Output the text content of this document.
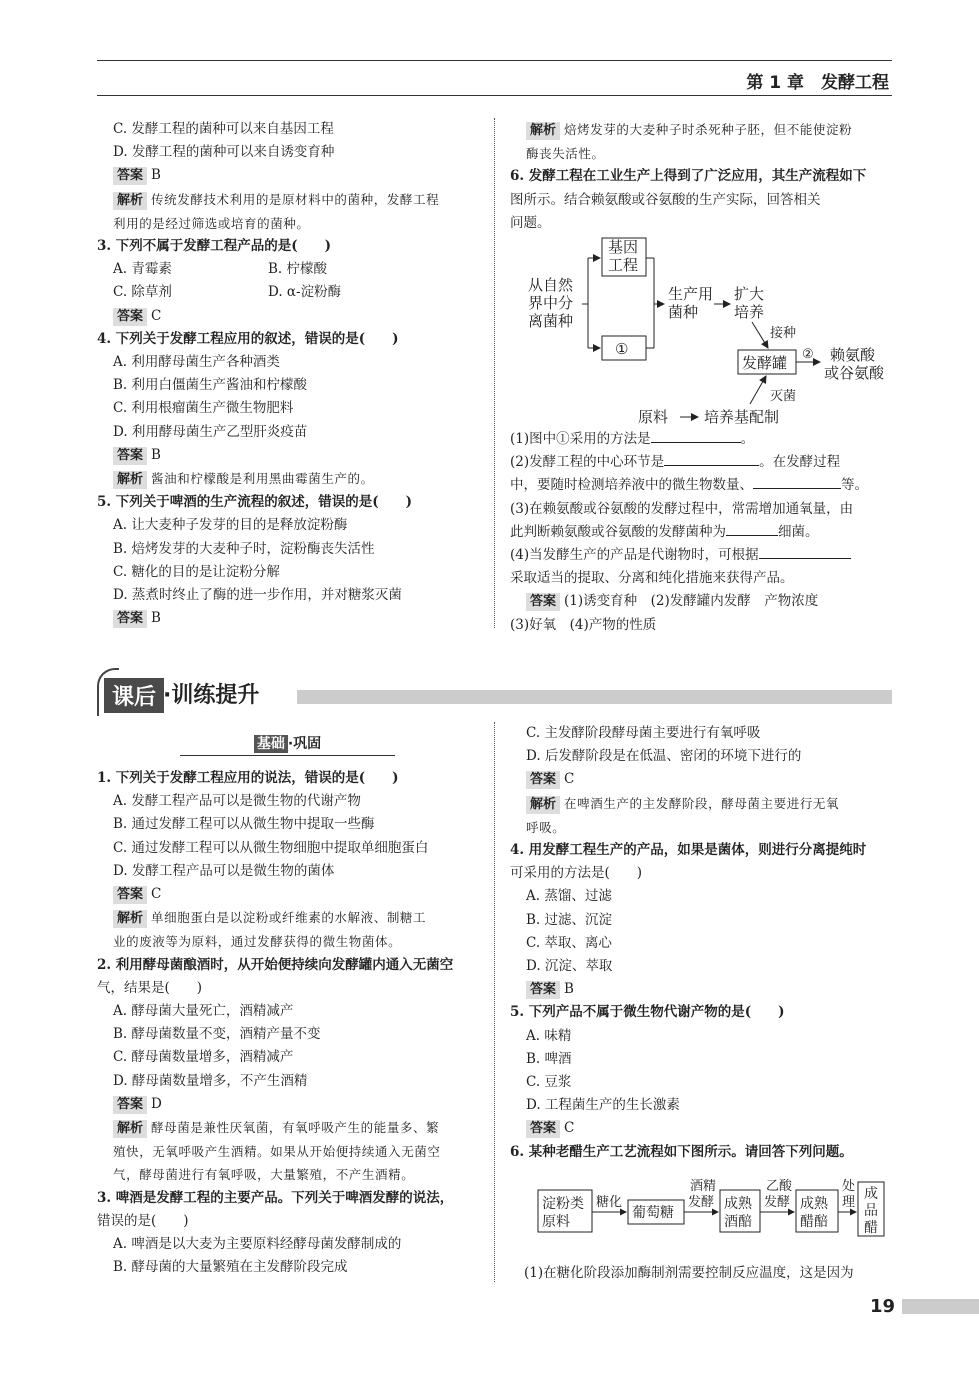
第 1 章　发酵工程
C. 发酵工程的菌种可以来自基因工程
D. 发酵工程的菌种可以来自诱变育种
答案 B
解析 传统发酵技术利用的是原材料中的菌种，发酵工程
利用的是经过筛选或培育的菌种。
3. 下列不属于发酵工程产品的是(　　)
A. 青霉素	B. 柠檬酸
C. 除草剂	D. α-淀粉酶
答案 C
4. 下列关于发酵工程应用的叙述，错误的是(　　)
A. 利用酵母菌生产各种酒类
B. 利用白僵菌生产酱油和柠檬酸
C. 利用根瘤菌生产微生物肥料
D. 利用酵母菌生产乙型肝炎疫苗
答案 B
解析 酱油和柠檬酸是利用黑曲霉菌生产的。
5. 下列关于啤酒的生产流程的叙述，错误的是(　　)
A. 让大麦种子发芽的目的是释放淀粉酶
B. 焙烤发芽的大麦种子时，淀粉酶丧失活性
C. 糖化的目的是让淀粉分解
D. 蒸煮时终止了酶的进一步作用，并对糖浆灭菌
答案 B
解析 焙烤发芽的大麦种子时杀死种子胚，但不能使淀粉
酶丧失活性。
6. 发酵工程在工业生产上得到了广泛应用，其生产流程如下
图所示。结合赖氨酸或谷氨酸的生产实际，回答相关
问题。
从自然
界中分
离菌种
基因
工程
①
生产用
菌种
扩大
培养
接种
发酵罐 ② 赖氨酸
或谷氨酸
灭菌
原料 培养基配制
(1)图中①采用的方法是	。
(2)发酵工程的中心环节是	。在发酵过程
中，要随时检测培养液中的微生物数量、	等。
(3)在赖氨酸或谷氨酸的发酵过程中，常需增加通氧量，由
此判断赖氨酸或谷氨酸的发酵菌种为	细菌。
(4)当发酵生产的产品是代谢物时，可根据
采取适当的提取、分离和纯化措施来获得产品。
答案 (1)诱变育种　(2)发酵罐内发酵　产物浓度
(3)好氧　(4)产物的性质
课后 ·训练提升
基础 ·巩固
1. 下列关于发酵工程应用的说法，错误的是(　　)
A. 发酵工程产品可以是微生物的代谢产物
B. 通过发酵工程可以从微生物中提取一些酶
C. 通过发酵工程可以从微生物细胞中提取单细胞蛋白
D. 发酵工程产品可以是微生物的菌体
答案 C
解析 单细胞蛋白是以淀粉或纤维素的水解液、制糖工
业的废液等为原料，通过发酵获得的微生物菌体。
2. 利用酵母菌酿酒时，从开始便持续向发酵罐内通入无菌空
气，结果是(　　)
A. 酵母菌大量死亡，酒精减产
B. 酵母菌数量不变，酒精产量不变
C. 酵母菌数量增多，酒精减产
D. 酵母菌数量增多，不产生酒精
答案 D
解析 酵母菌是兼性厌氧菌，有氧呼吸产生的能量多、繁
殖快，无氧呼吸产生酒精。如果从开始便持续通入无菌空
气，酵母菌进行有氧呼吸，大量繁殖，不产生酒精。
3. 啤酒是发酵工程的主要产品。下列关于啤酒发酵的说法，
错误的是(　　)
A. 啤酒是以大麦为主要原料经酵母菌发酵制成的
B. 酵母菌的大量繁殖在主发酵阶段完成
C. 主发酵阶段酵母菌主要进行有氧呼吸
D. 后发酵阶段是在低温、密闭的环境下进行的
答案 C
解析 在啤酒生产的主发酵阶段，酵母菌主要进行无氧
呼吸。
4. 用发酵工程生产的产品，如果是菌体，则进行分离提纯时
可采用的方法是(　　)
A. 蒸馏、过滤
B. 过滤、沉淀
C. 萃取、离心
D. 沉淀、萃取
答案 B
5. 下列产品不属于微生物代谢产物的是(　　)
A. 味精
B. 啤酒
C. 豆浆
D. 工程菌生产的生长激素
答案 C
6. 某种老醋生产工艺流程如下图所示。请回答下列问题。
淀粉类
原料
糖化
葡萄糖
酒精
发酵 成熟
酒醅
乙酸
发酵 成熟
醋醅
处
理
成
品
醋
(1)在糖化阶段添加酶制剂需要控制反应温度，这是因为
19
